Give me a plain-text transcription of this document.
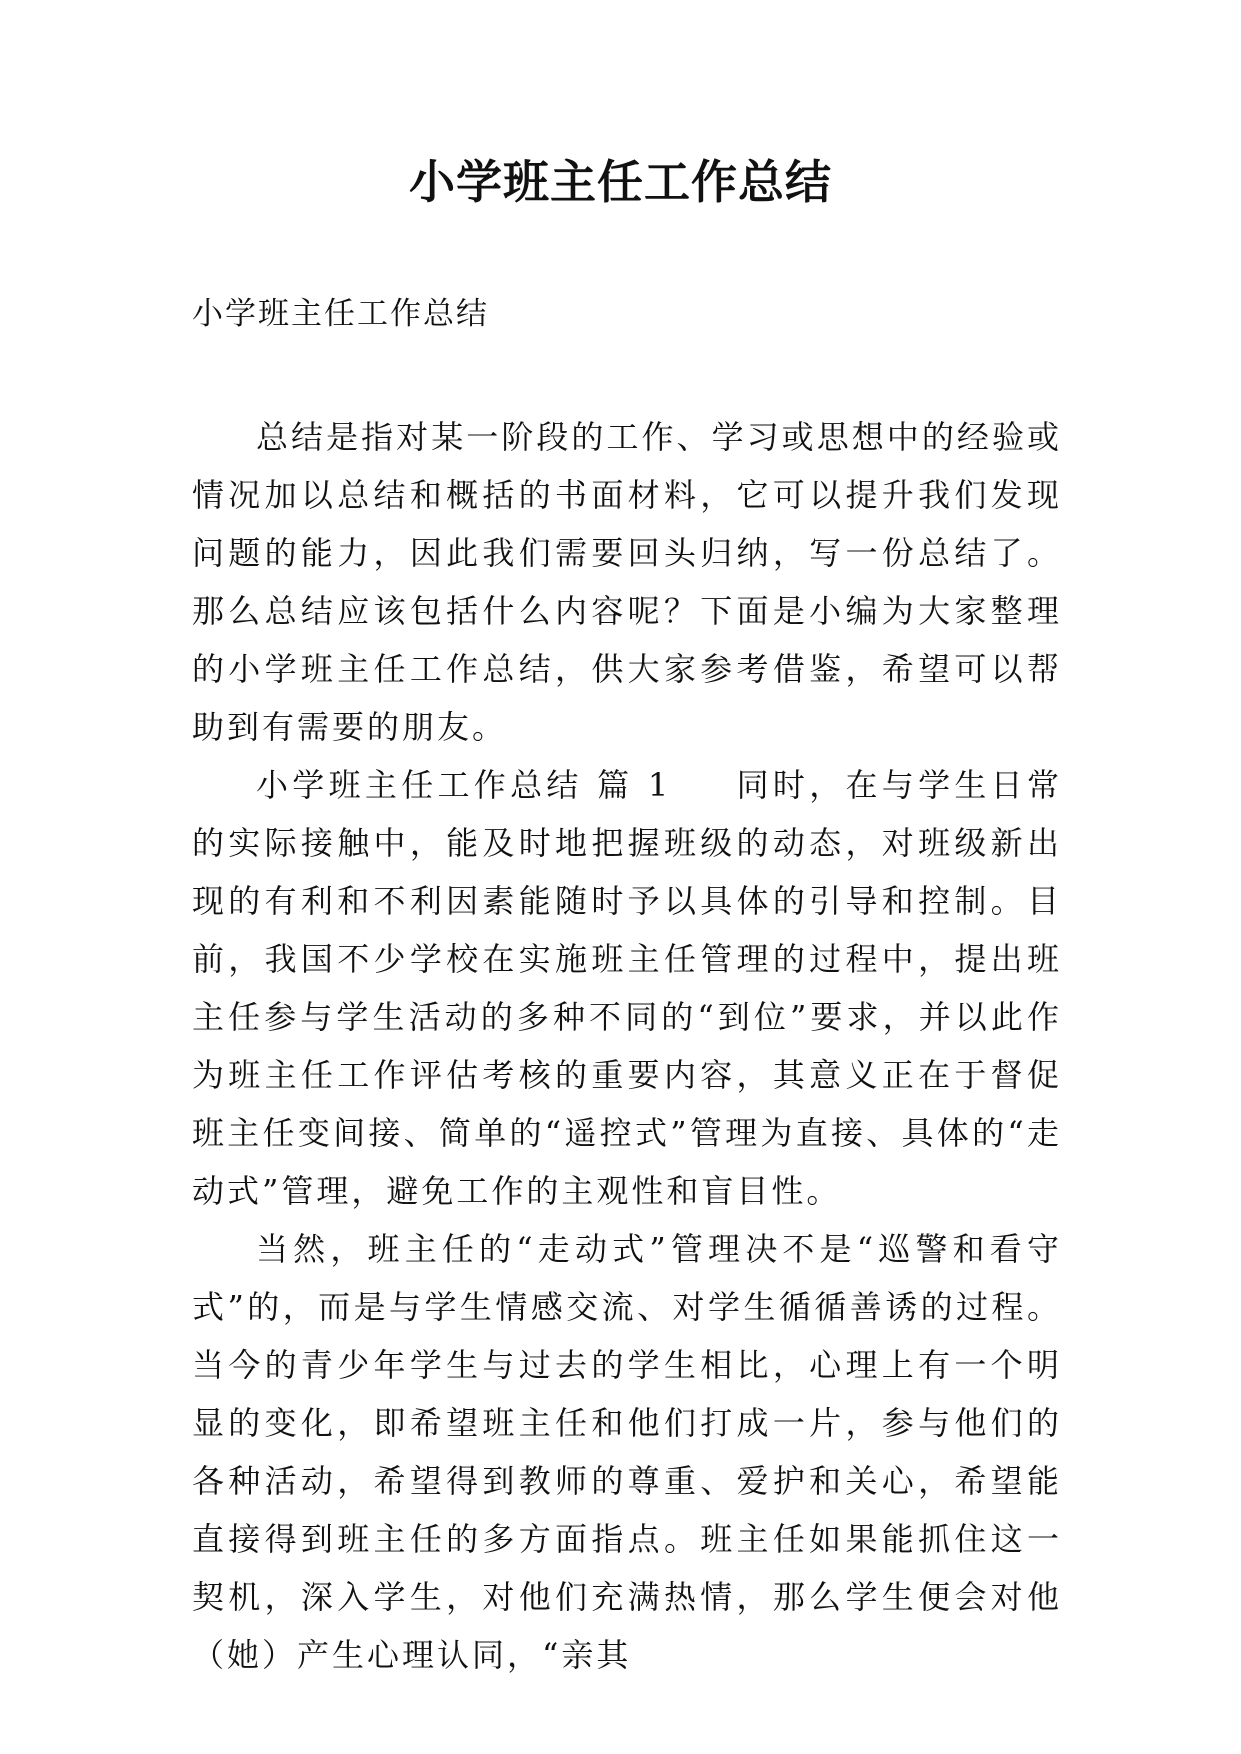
小学班主任工作总结
小学班主任工作总结

总结是指对某一阶段的工作、学习或思想中的经验或情况加以总结和概括的书面材料，它可以提升我们发现问题的能力，因此我们需要回头归纳，写一份总结了。那么总结应该包括什么内容呢？下面是小编为大家整理的小学班主任工作总结，供大家参考借鉴，希望可以帮助到有需要的朋友。

小学班主任工作总结 篇 1 同时，在与学生日常的实际接触中，能及时地把握班级的动态，对班级新出现的有利和不利因素能随时予以具体的引导和控制。目前，我国不少学校在实施班主任管理的过程中，提出班主任参与学生活动的多种不同的“到位”要求，并以此作为班主任工作评估考核的重要内容，其意义正在于督促班主任变间接、简单的“遥控式”管理为直接、具体的“走动式”管理，避免工作的主观性和盲目性。

当然，班主任的“走动式”管理决不是“巡警和看守式”的，而是与学生情感交流、对学生循循善诱的过程。当今的青少年学生与过去的学生相比，心理上有一个明显的变化，即希望班主任和他们打成一片，参与他们的各种活动，希望得到教师的尊重、爱护和关心，希望能直接得到班主任的多方面指点。班主任如果能抓住这一契机，深入学生，对他们充满热情，那么学生便会对他（她）产生心理认同，“亲其
